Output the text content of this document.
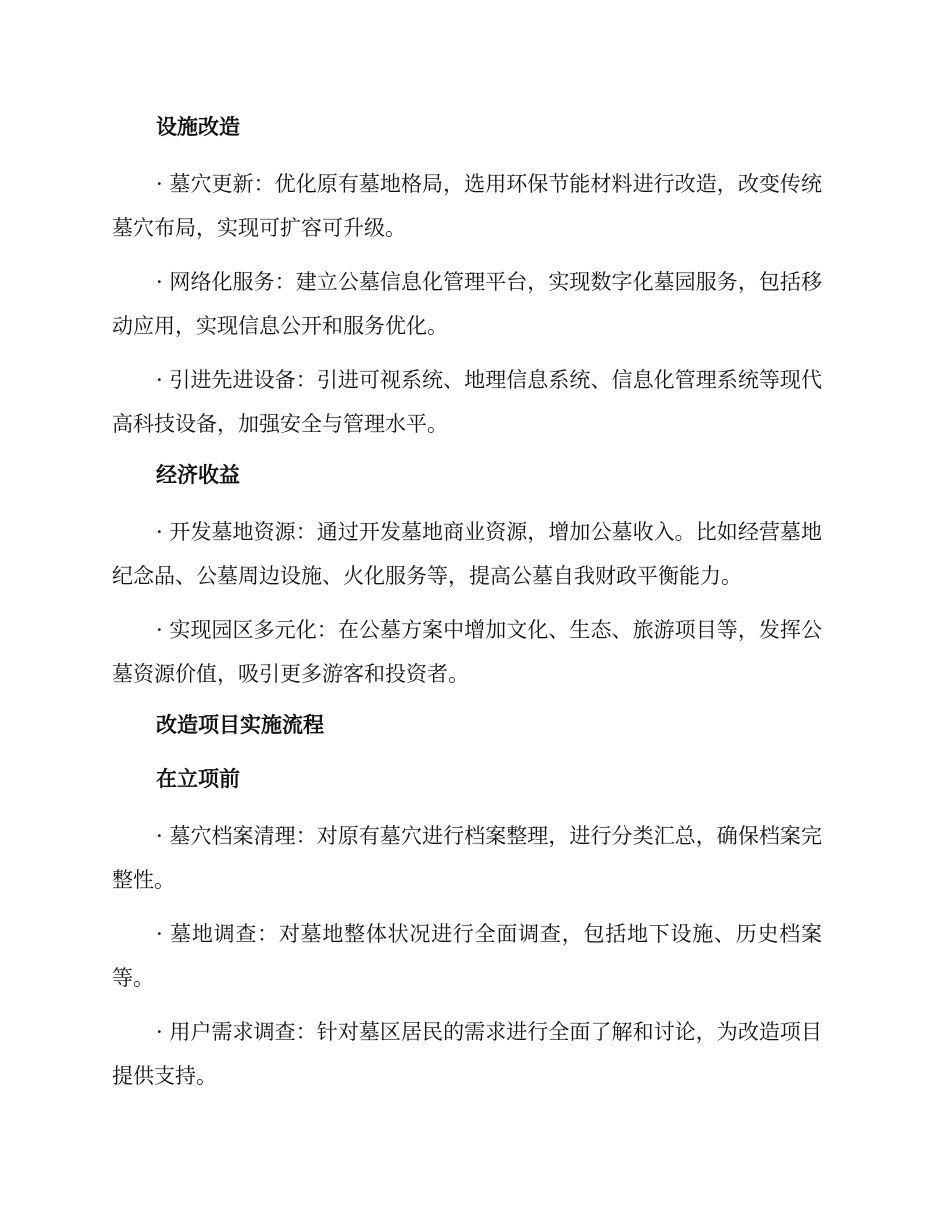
设施改造

· 墓穴更新：优化原有墓地格局，选用环保节能材料进行改造，改变传统墓穴布局，实现可扩容可升级。

· 网络化服务：建立公墓信息化管理平台，实现数字化墓园服务，包括移动应用，实现信息公开和服务优化。

· 引进先进设备：引进可视系统、地理信息系统、信息化管理系统等现代高科技设备，加强安全与管理水平。

经济收益

· 开发墓地资源：通过开发墓地商业资源，增加公墓收入。比如经营墓地纪念品、公墓周边设施、火化服务等，提高公墓自我财政平衡能力。

· 实现园区多元化：在公墓方案中增加文化、生态、旅游项目等，发挥公墓资源价值，吸引更多游客和投资者。

改造项目实施流程
在立项前

· 墓穴档案清理：对原有墓穴进行档案整理，进行分类汇总，确保档案完整性。

· 墓地调查：对墓地整体状况进行全面调查，包括地下设施、历史档案等。

· 用户需求调查：针对墓区居民的需求进行全面了解和讨论，为改造项目提供支持。
